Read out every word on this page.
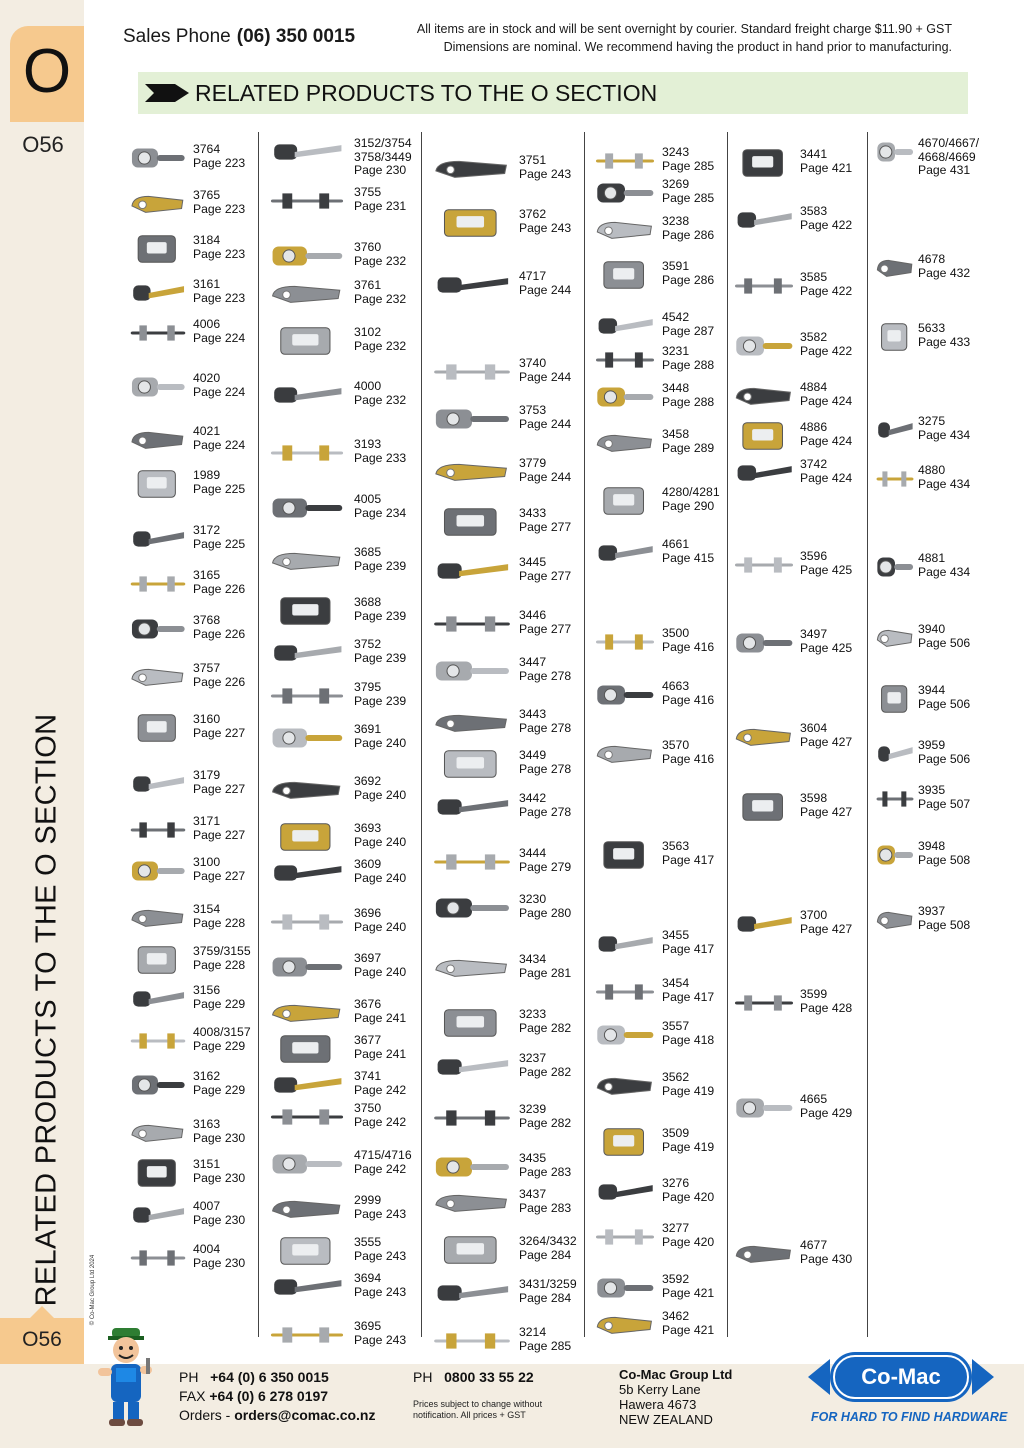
O
O56
RELATED PRODUCTS TO THE O SECTION	© Co-Mac Group Ltd 2024
O56
Sales Phone (06) 350 0015	All items are in stock and will be sent overnight by courier. Standard freight charge $11.90 + GST
Dimensions are nominal. We recommend having the product in hand prior to manufacturing.
RELATED PRODUCTS TO THE O SECTION
3764
Page 223
3765
Page 223
3184
Page 223
3161
Page 223
4006
Page 224
4020
Page 224
4021
Page 224
1989
Page 225
3172
Page 225
3165
Page 226
3768
Page 226
3757
Page 226
3160
Page 227
3179
Page 227
3171
Page 227
3100
Page 227
3154
Page 228
3759/3155
Page 228
3156
Page 229
4008/3157
Page 229
3162
Page 229
3163
Page 230
3151
Page 230
4007
Page 230
4004
Page 230
3152/3754
3758/3449
Page 230
3755
Page 231
3760
Page 232
3761
Page 232
3102
Page 232
4000
Page 232
3193
Page 233
4005
Page 234
3685
Page 239
3688
Page 239
3752
Page 239
3795
Page 239
3691
Page 240
3692
Page 240
3693
Page 240
3609
Page 240
3696
Page 240
3697
Page 240
3676
Page 241
3677
Page 241
3741
Page 242
3750
Page 242
4715/4716
Page 242
2999
Page 243
3555
Page 243
3694
Page 243
3695
Page 243
3751
Page 243
3762
Page 243
4717
Page 244
3740
Page 244
3753
Page 244
3779
Page 244
3433
Page 277
3445
Page 277
3446
Page 277
3447
Page 278
3443
Page 278
3449
Page 278
3442
Page 278
3444
Page 279
3230
Page 280
3434
Page 281
3233
Page 282
3237
Page 282
3239
Page 282
3435
Page 283
3437
Page 283
3264/3432
Page 284
3431/3259
Page 284
3214
Page 285
3243
Page 285
3269
Page 285
3238
Page 286
3591
Page 286
4542
Page 287
3231
Page 288
3448
Page 288
3458
Page 289
4280/4281
Page 290
4661
Page 415
3500
Page 416
4663
Page 416
3570
Page 416
3563
Page 417
3455
Page 417
3454
Page 417
3557
Page 418
3562
Page 419
3509
Page 419
3276
Page 420
3277
Page 420
3592
Page 421
3462
Page 421
3441
Page 421
3583
Page 422
3585
Page 422
3582
Page 422
4884
Page 424
4886
Page 424
3742
Page 424
3596
Page 425
3497
Page 425
3604
Page 427
3598
Page 427
3700
Page 427
3599
Page 428
4665
Page 429
4677
Page 430
4670/4667/
4668/4669
Page 431
4678
Page 432
5633
Page 433
3275
Page 434
4880
Page 434
4881
Page 434
3940
Page 506
3944
Page 506
3959
Page 506
3935
Page 507
3948
Page 508
3937
Page 508
PH +64 (0) 6 350 0015
FAX +64 (0) 6 278 0197
Orders - orders@comac.co.nz
PH 0800 33 55 22
Prices subject to change without
notification. All prices + GST
Co-Mac Group Ltd
5b Kerry Lane
Hawera 4673
NEW ZEALAND
Co-Mac
FOR HARD TO FIND HARDWARE
